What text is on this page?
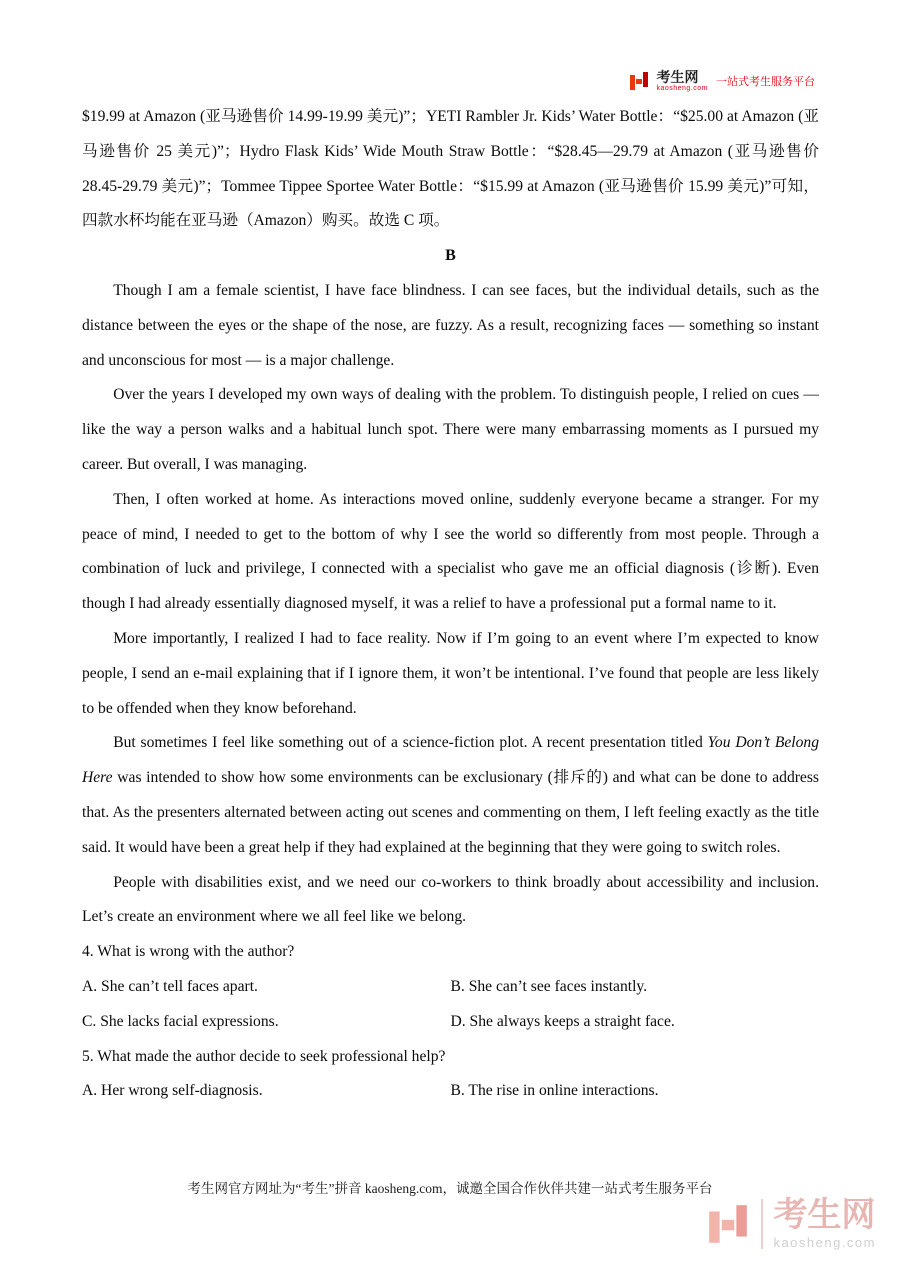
考生网
kaosheng.com
一站式考生服务平台

$19.99 at Amazon (亚马逊售价 14.99-19.99 美元)”；YETI Rambler Jr. Kids’ Water Bottle：“$25.00 at Amazon (亚马逊售价 25 美元)”；Hydro Flask Kids’ Wide Mouth Straw Bottle：“$28.45—29.79 at Amazon (亚马逊售价 28.45-29.79 美元)”；Tommee Tippee Sportee Water Bottle：“$15.99 at Amazon (亚马逊售价 15.99 美元)”可知，四款水杯均能在亚马逊（Amazon）购买。故选 C 项。

B

Though I am a female scientist, I have face blindness. I can see faces, but the individual details, such as the distance between the eyes or the shape of the nose, are fuzzy. As a result, recognizing faces — something so instant and unconscious for most — is a major challenge.

Over the years I developed my own ways of dealing with the problem. To distinguish people, I relied on cues — like the way a person walks and a habitual lunch spot. There were many embarrassing moments as I pursued my career. But overall, I was managing.

Then, I often worked at home. As interactions moved online, suddenly everyone became a stranger. For my peace of mind, I needed to get to the bottom of why I see the world so differently from most people. Through a combination of luck and privilege, I connected with a specialist who gave me an official diagnosis (诊断). Even though I had already essentially diagnosed myself, it was a relief to have a professional put a formal name to it.

More importantly, I realized I had to face reality. Now if I’m going to an event where I’m expected to know people, I send an e-mail explaining that if I ignore them, it won’t be intentional. I’ve found that people are less likely to be offended when they know beforehand.

But sometimes I feel like something out of a science-fiction plot. A recent presentation titled You Don’t Belong Here was intended to show how some environments can be exclusionary (排斥的) and what can be done to address that. As the presenters alternated between acting out scenes and commenting on them, I left feeling exactly as the title said. It would have been a great help if they had explained at the beginning that they were going to switch roles.

People with disabilities exist, and we need our co-workers to think broadly about accessibility and inclusion. Let’s create an environment where we all feel like we belong.

4. What is wrong with the author?

A. She can’t tell faces apart.	B. She can’t see faces instantly.
C. She lacks facial expressions.	D. She always keeps a straight face.

5. What made the author decide to seek professional help?

A. Her wrong self-diagnosis.	B. The rise in online interactions.
考生网官方网址为“考生”拼音 kaosheng.com，诚邀全国合作伙伴共建一站式考生服务平台
考生网
kaosheng.com
